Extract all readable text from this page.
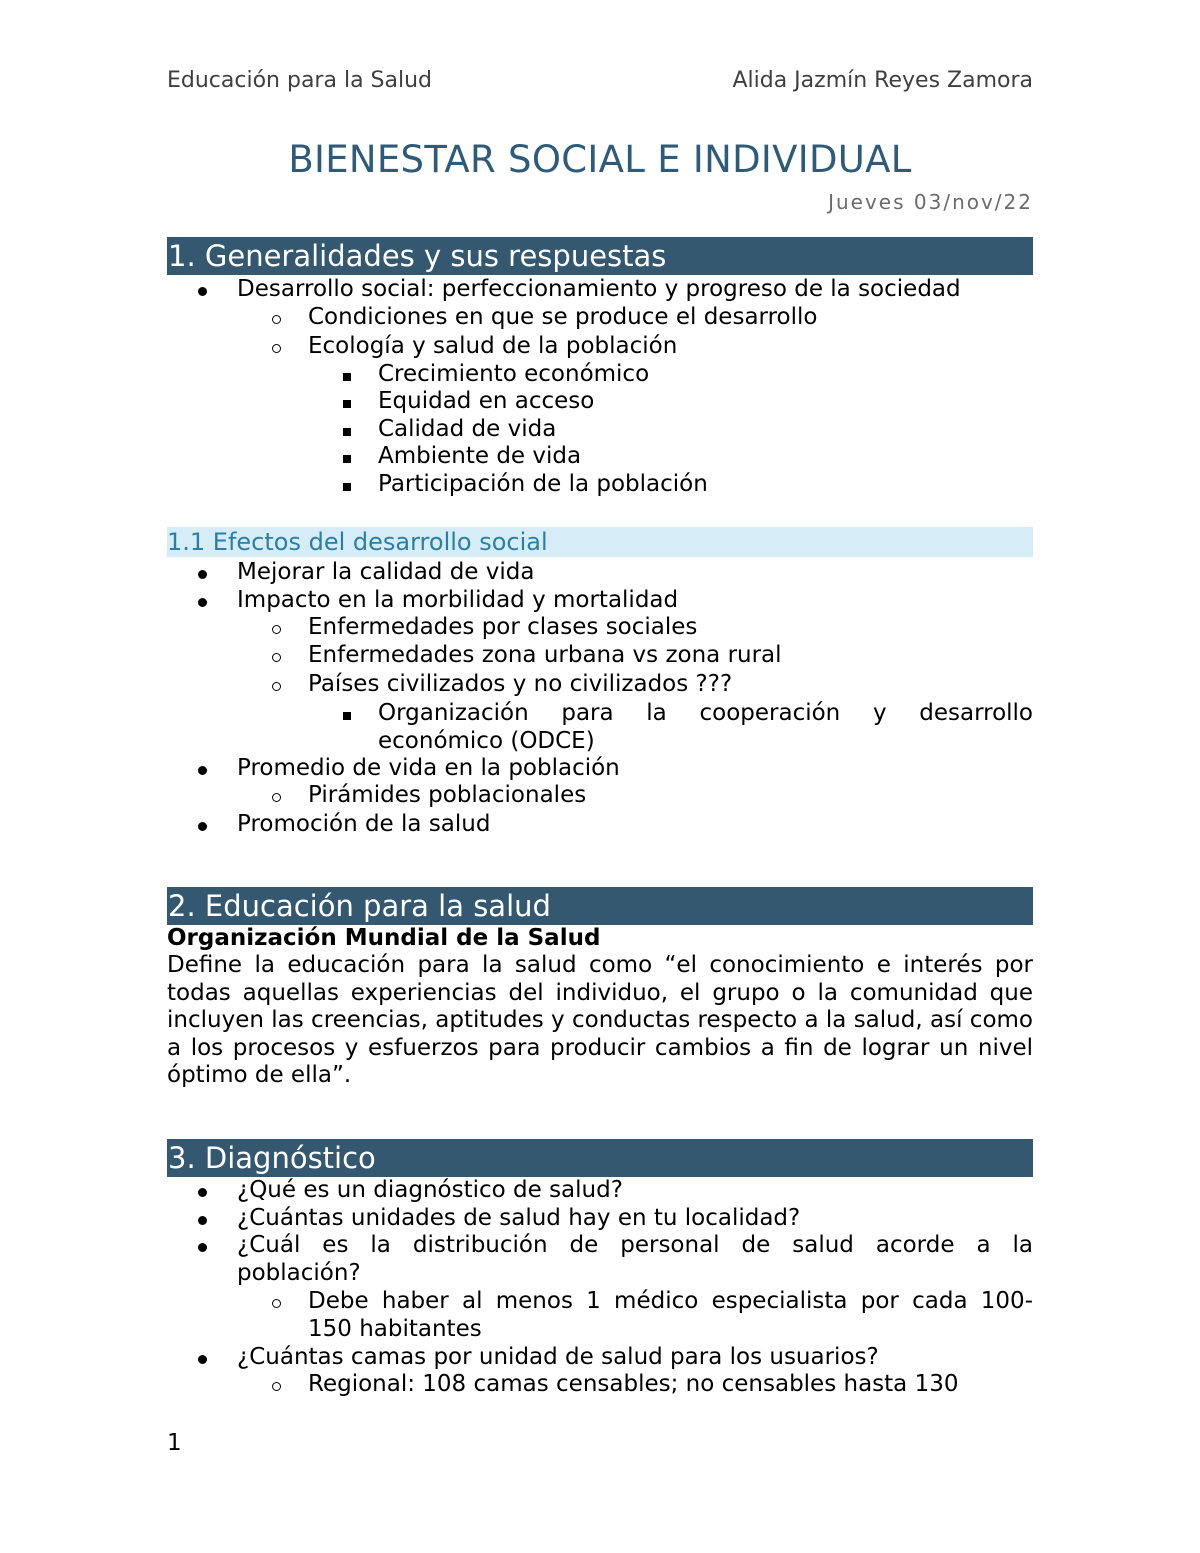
Educación para la Salud	Alida Jazmín Reyes Zamora
BIENESTAR SOCIAL E INDIVIDUAL
Jueves 03/nov/22
1. Generalidades y sus respuestas
Desarrollo social: perfeccionamiento y progreso de la sociedad
Condiciones en que se produce el desarrollo
Ecología y salud de la población
Crecimiento económico
Equidad en acceso
Calidad de vida
Ambiente de vida
Participación de la población
1.1 Efectos del desarrollo social
Mejorar la calidad de vida
Impacto en la morbilidad y mortalidad
Enfermedades por clases sociales
Enfermedades zona urbana vs zona rural
Países civilizados y no civilizados ???
Organización para la cooperación y desarrollo
económico (ODCE)
Promedio de vida en la población
Pirámides poblacionales
Promoción de la salud
2. Educación para la salud
Organización Mundial de la Salud
Define la educación para la salud como “el conocimiento e interés por todas aquellas experiencias del individuo, el grupo o la comunidad que incluyen las creencias, aptitudes y conductas respecto a la salud, así como a los procesos y esfuerzos para producir cambios a fin de lograr un nivel óptimo de ella”.
3. Diagnóstico
¿Qué es un diagnóstico de salud?
¿Cuántas unidades de salud hay en tu localidad?
¿Cuál es la distribución de personal de salud acorde a la
población?
Debe haber al menos 1 médico especialista por cada 100-
150 habitantes
¿Cuántas camas por unidad de salud para los usuarios?
Regional: 108 camas censables; no censables hasta 130
1
